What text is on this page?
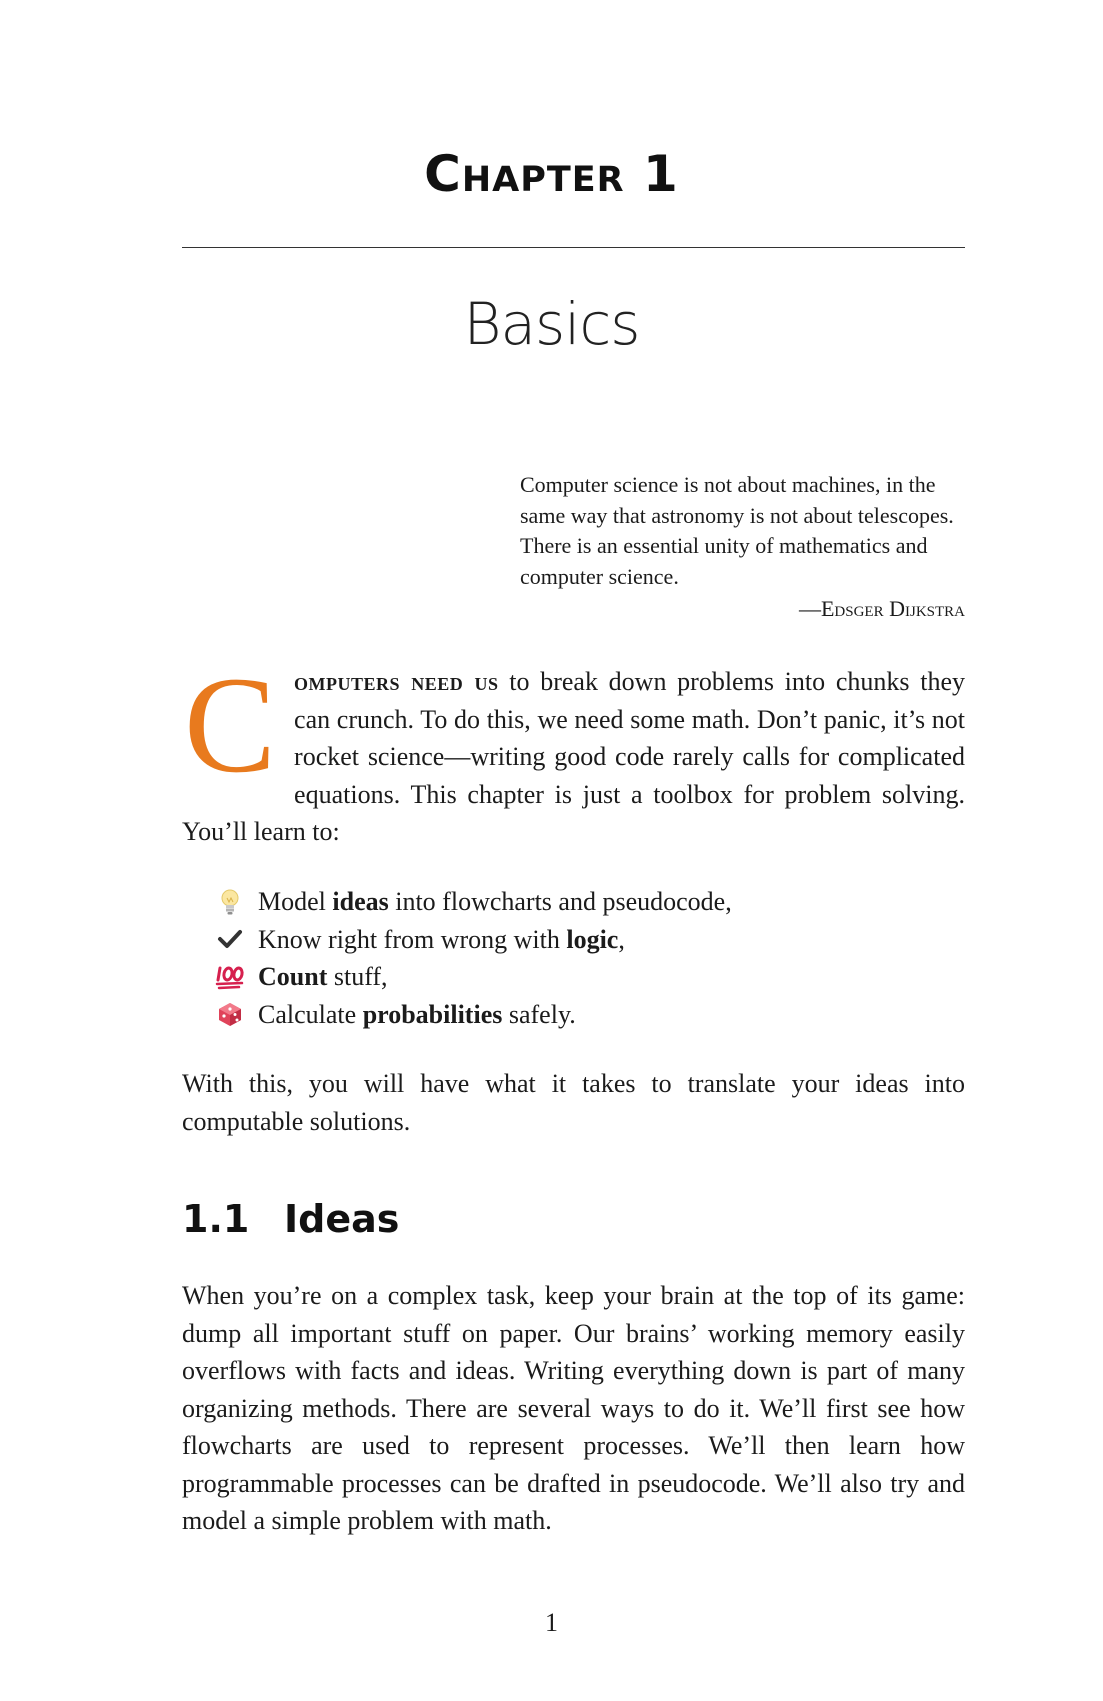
Chapter 1
Basics
Computer science is not about machines, in the same way that astronomy is not about telescopes. There is an essential unity of mathematics and computer science.
—Edsger Dijkstra
Computers need us to break down problems into chunks they can crunch. To do this, we need some math. Don’t panic, it’s not rocket science—writing good code rarely calls for complicated equations. This chapter is just a toolbox for problem solving. You’ll learn to:
Model ideas into flowcharts and pseudocode,
Know right from wrong with logic,
Count stuff,
Calculate probabilities safely.
With this, you will have what it takes to translate your ideas into computable solutions.
1.1 Ideas
When you’re on a complex task, keep your brain at the top of its game: dump all important stuff on paper. Our brains’ working memory easily overflows with facts and ideas. Writing everything down is part of many organizing methods. There are several ways to do it. We’ll first see how flowcharts are used to represent processes. We’ll then learn how programmable processes can be drafted in pseudocode. We’ll also try and model a simple problem with math.
1
